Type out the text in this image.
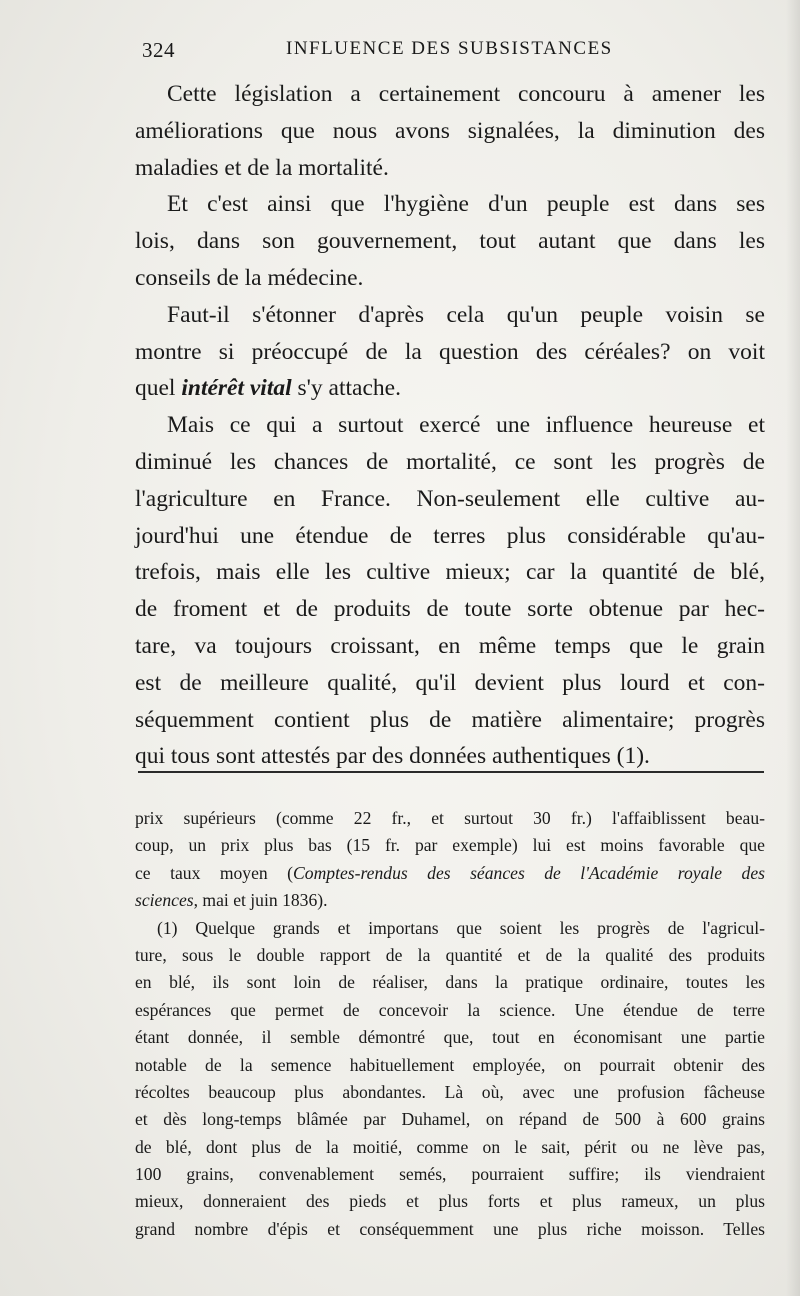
324	INFLUENCE DES SUBSISTANCES
Cette législation a certainement concouru à amener les
améliorations que nous avons signalées, la diminution des
maladies et de la mortalité.
Et c'est ainsi que l'hygiène d'un peuple est dans ses
lois, dans son gouvernement, tout autant que dans les
conseils de la médecine.
Faut-il s'étonner d'après cela qu'un peuple voisin se
montre si préoccupé de la question des céréales? on voit
quel intérêt vital s'y attache.
Mais ce qui a surtout exercé une influence heureuse et
diminué les chances de mortalité, ce sont les progrès de
l'agriculture en France. Non-seulement elle cultive au-
jourd'hui une étendue de terres plus considérable qu'au-
trefois, mais elle les cultive mieux; car la quantité de blé,
de froment et de produits de toute sorte obtenue par hec-
tare, va toujours croissant, en même temps que le grain
est de meilleure qualité, qu'il devient plus lourd et con-
séquemment contient plus de matière alimentaire; progrès
qui tous sont attestés par des données authentiques (1).
prix supérieurs (comme 22 fr., et surtout 30 fr.) l'affaiblissent beau-
coup, un prix plus bas (15 fr. par exemple) lui est moins favorable que
ce taux moyen (Comptes-rendus des séances de l'Académie royale des
sciences, mai et juin 1836).
(1) Quelque grands et importans que soient les progrès de l'agricul-
ture, sous le double rapport de la quantité et de la qualité des produits
en blé, ils sont loin de réaliser, dans la pratique ordinaire, toutes les
espérances que permet de concevoir la science. Une étendue de terre
étant donnée, il semble démontré que, tout en économisant une partie
notable de la semence habituellement employée, on pourrait obtenir des
récoltes beaucoup plus abondantes. Là où, avec une profusion fâcheuse
et dès long-temps blâmée par Duhamel, on répand de 500 à 600 grains
de blé, dont plus de la moitié, comme on le sait, périt ou ne lève pas,
100 grains, convenablement semés, pourraient suffire; ils viendraient
mieux, donneraient des pieds et plus forts et plus rameux, un plus
grand nombre d'épis et conséquemment une plus riche moisson. Telles
